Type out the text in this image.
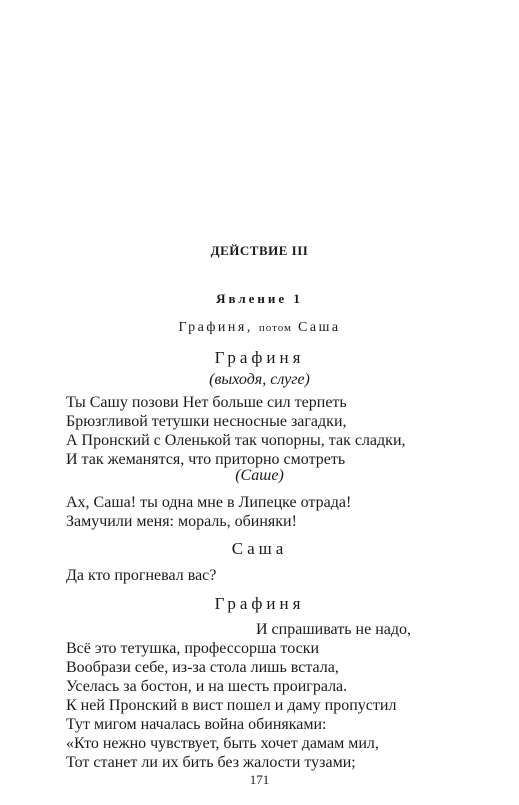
ДЕЙСТВИЕ III
Явление 1
Графиня, потом Саша
Графиня
(выходя, слуге)
Ты Сашу позови Нет больше сил терпеть
Брюзгливой тетушки несносные загадки,
А Пронский с Оленькой так чопорны, так сладки,
И так жеманятся, что приторно смотреть
(Саше)
Ах, Саша! ты одна мне в Липецке отрада!
Замучили меня: мораль, обиняки!
Саша
Да кто прогневал вас?
Графиня
И спрашивать не надо,
Всё это тетушка, профессорша тоски
Вообрази себе, из-за стола лишь встала,
Уселась за бостон, и на шесть проиграла.
К ней Пронский в вист пошел и даму пропустил
Тут мигом началась война обиняками:
«Кто нежно чувствует, быть хочет дамам мил,
Тот станет ли их бить без жалости тузами;
171
